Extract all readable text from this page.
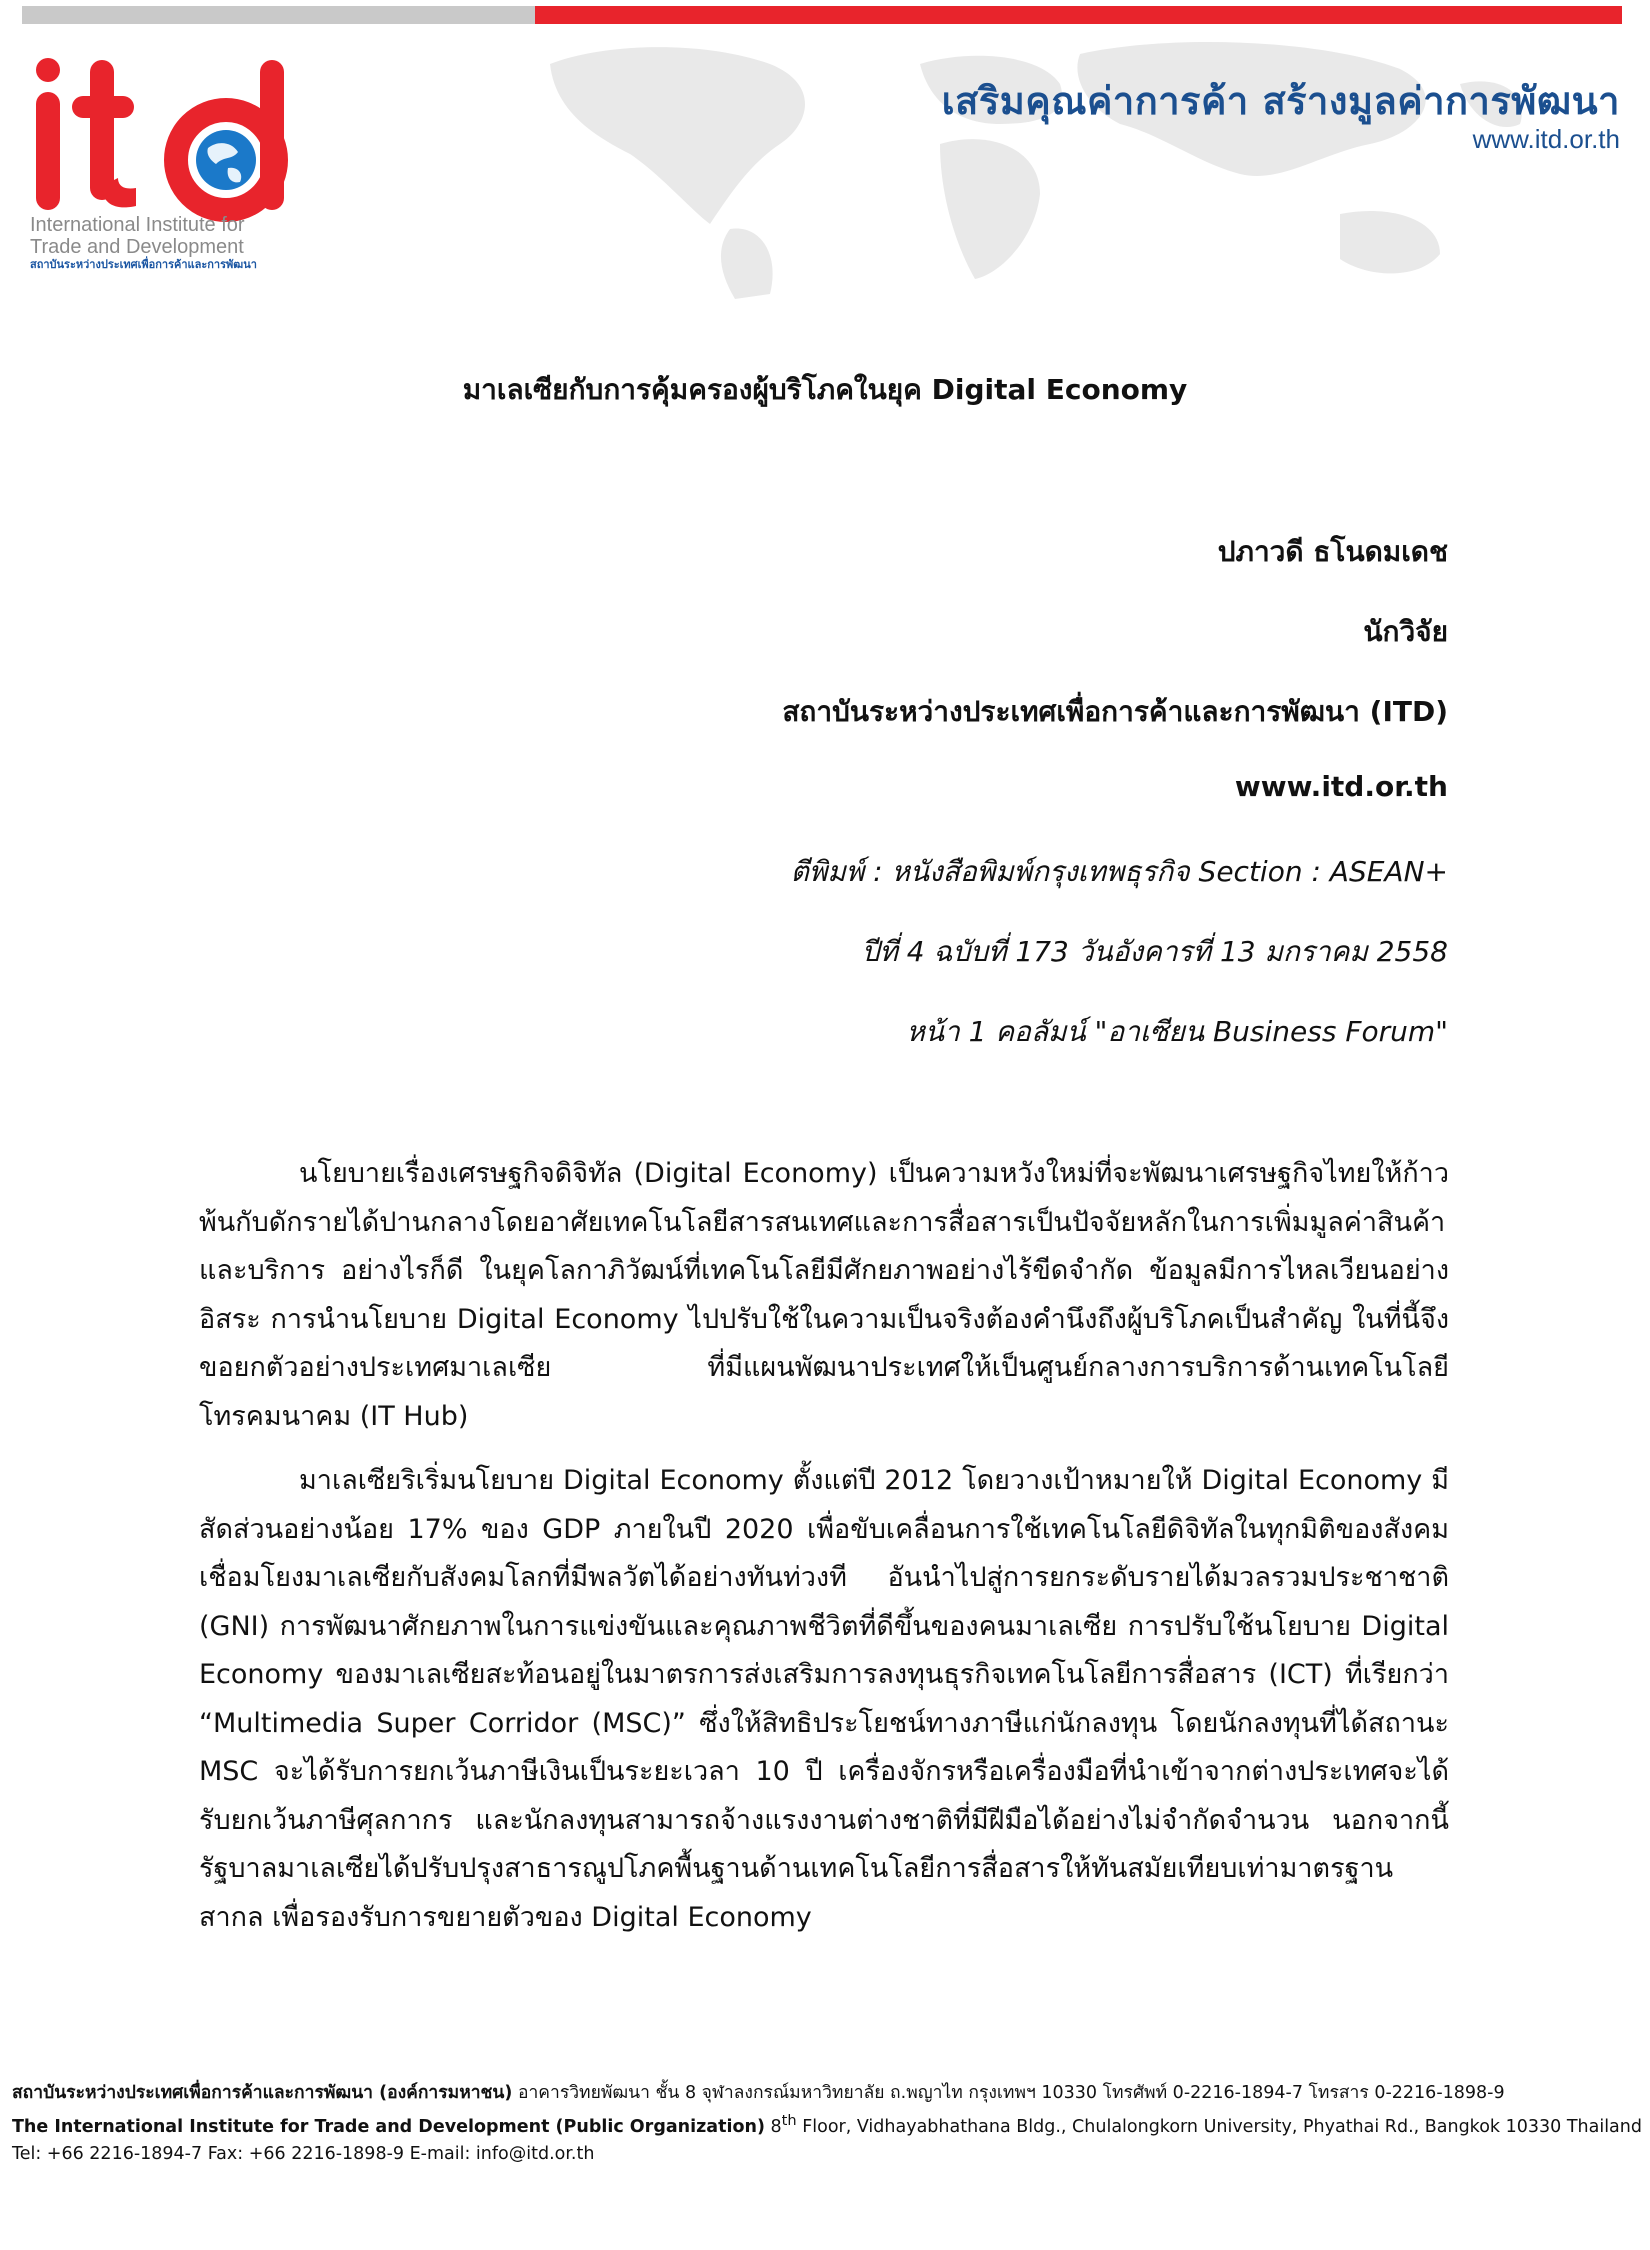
International Institute for
Trade and Development
สถาบันระหว่างประเทศเพื่อการค้าและการพัฒนา
เสริมคุณค่าการค้า สร้างมูลค่าการพัฒนา
www.itd.or.th
มาเลเซียกับการคุ้มครองผู้บริโภคในยุค Digital Economy

ปภาวดี ธโนดมเดช

นักวิจัย

สถาบันระหว่างประเทศเพื่อการค้าและการพัฒนา (ITD)

www.itd.or.th

ตีพิมพ์ : หนังสือพิมพ์กรุงเทพธุรกิจ Section : ASEAN+

ปีที่ 4 ฉบับที่ 173 วันอังคารที่ 13 มกราคม 2558

หน้า 1 คอลัมน์ "อาเซียน Business Forum"

นโยบายเรื่องเศรษฐกิจดิจิทัล (Digital Economy) เป็นความหวังใหม่ที่จะพัฒนาเศรษฐกิจไทยให้ก้าวพ้นกับดักรายได้ปานกลางโดยอาศัยเทคโนโลยีสารสนเทศและการสื่อสารเป็นปัจจัยหลักในการเพิ่มมูลค่าสินค้าและบริการ อย่างไรก็ดี ในยุคโลกาภิวัฒน์ที่เทคโนโลยีมีศักยภาพอย่างไร้ขีดจำกัด ข้อมูลมีการไหลเวียนอย่างอิสระ การนำนโยบาย Digital Economy ไปปรับใช้ในความเป็นจริงต้องคำนึงถึงผู้บริโภคเป็นสำคัญ ในที่นี้จึงขอยกตัวอย่างประเทศมาเลเซีย ที่มีแผนพัฒนาประเทศให้เป็นศูนย์กลางการบริการด้านเทคโนโลยีโทรคมนาคม (IT Hub)

มาเลเซียริเริ่มนโยบาย Digital Economy ตั้งแต่ปี 2012 โดยวางเป้าหมายให้ Digital Economy มีสัดส่วนอย่างน้อย 17% ของ GDP ภายในปี 2020 เพื่อขับเคลื่อนการใช้เทคโนโลยีดิจิทัลในทุกมิติของสังคม เชื่อมโยงมาเลเซียกับสังคมโลกที่มีพลวัตได้อย่างทันท่วงที อันนำไปสู่การยกระดับรายได้มวลรวมประชาชาติ (GNI) การพัฒนาศักยภาพในการแข่งขันและคุณภาพชีวิตที่ดีขึ้นของคนมาเลเซีย การปรับใช้นโยบาย Digital Economy ของมาเลเซียสะท้อนอยู่ในมาตรการส่งเสริมการลงทุนธุรกิจเทคโนโลยีการสื่อสาร (ICT) ที่เรียกว่า “Multimedia Super Corridor (MSC)” ซึ่งให้สิทธิประโยชน์ทางภาษีแก่นักลงทุน โดยนักลงทุนที่ได้สถานะ MSC จะได้รับการยกเว้นภาษีเงินเป็นระยะเวลา 10 ปี เครื่องจักรหรือเครื่องมือที่นำเข้าจากต่างประเทศจะได้รับยกเว้นภาษีศุลกากร และนักลงทุนสามารถจ้างแรงงานต่างชาติที่มีฝีมือได้อย่างไม่จำกัดจำนวน นอกจากนี้ รัฐบาลมาเลเซียได้ปรับปรุงสาธารณูปโภคพื้นฐานด้านเทคโนโลยีการสื่อสารให้ทันสมัยเทียบเท่ามาตรฐานสากล เพื่อรองรับการขยายตัวของ Digital Economy

สถาบันระหว่างประเทศเพื่อการค้าและการพัฒนา (องค์การมหาชน) อาคารวิทยพัฒนา ชั้น 8 จุฬาลงกรณ์มหาวิทยาลัย ถ.พญาไท กรุงเทพฯ 10330 โทรศัพท์ 0-2216-1894-7 โทรสาร 0-2216-1898-9
The International Institute for Trade and Development (Public Organization) 8th Floor, Vidhayabhathana Bldg., Chulalongkorn University, Phyathai Rd., Bangkok 10330 Thailand
Tel: +66 2216-1894-7 Fax: +66 2216-1898-9 E-mail: info@itd.or.th
